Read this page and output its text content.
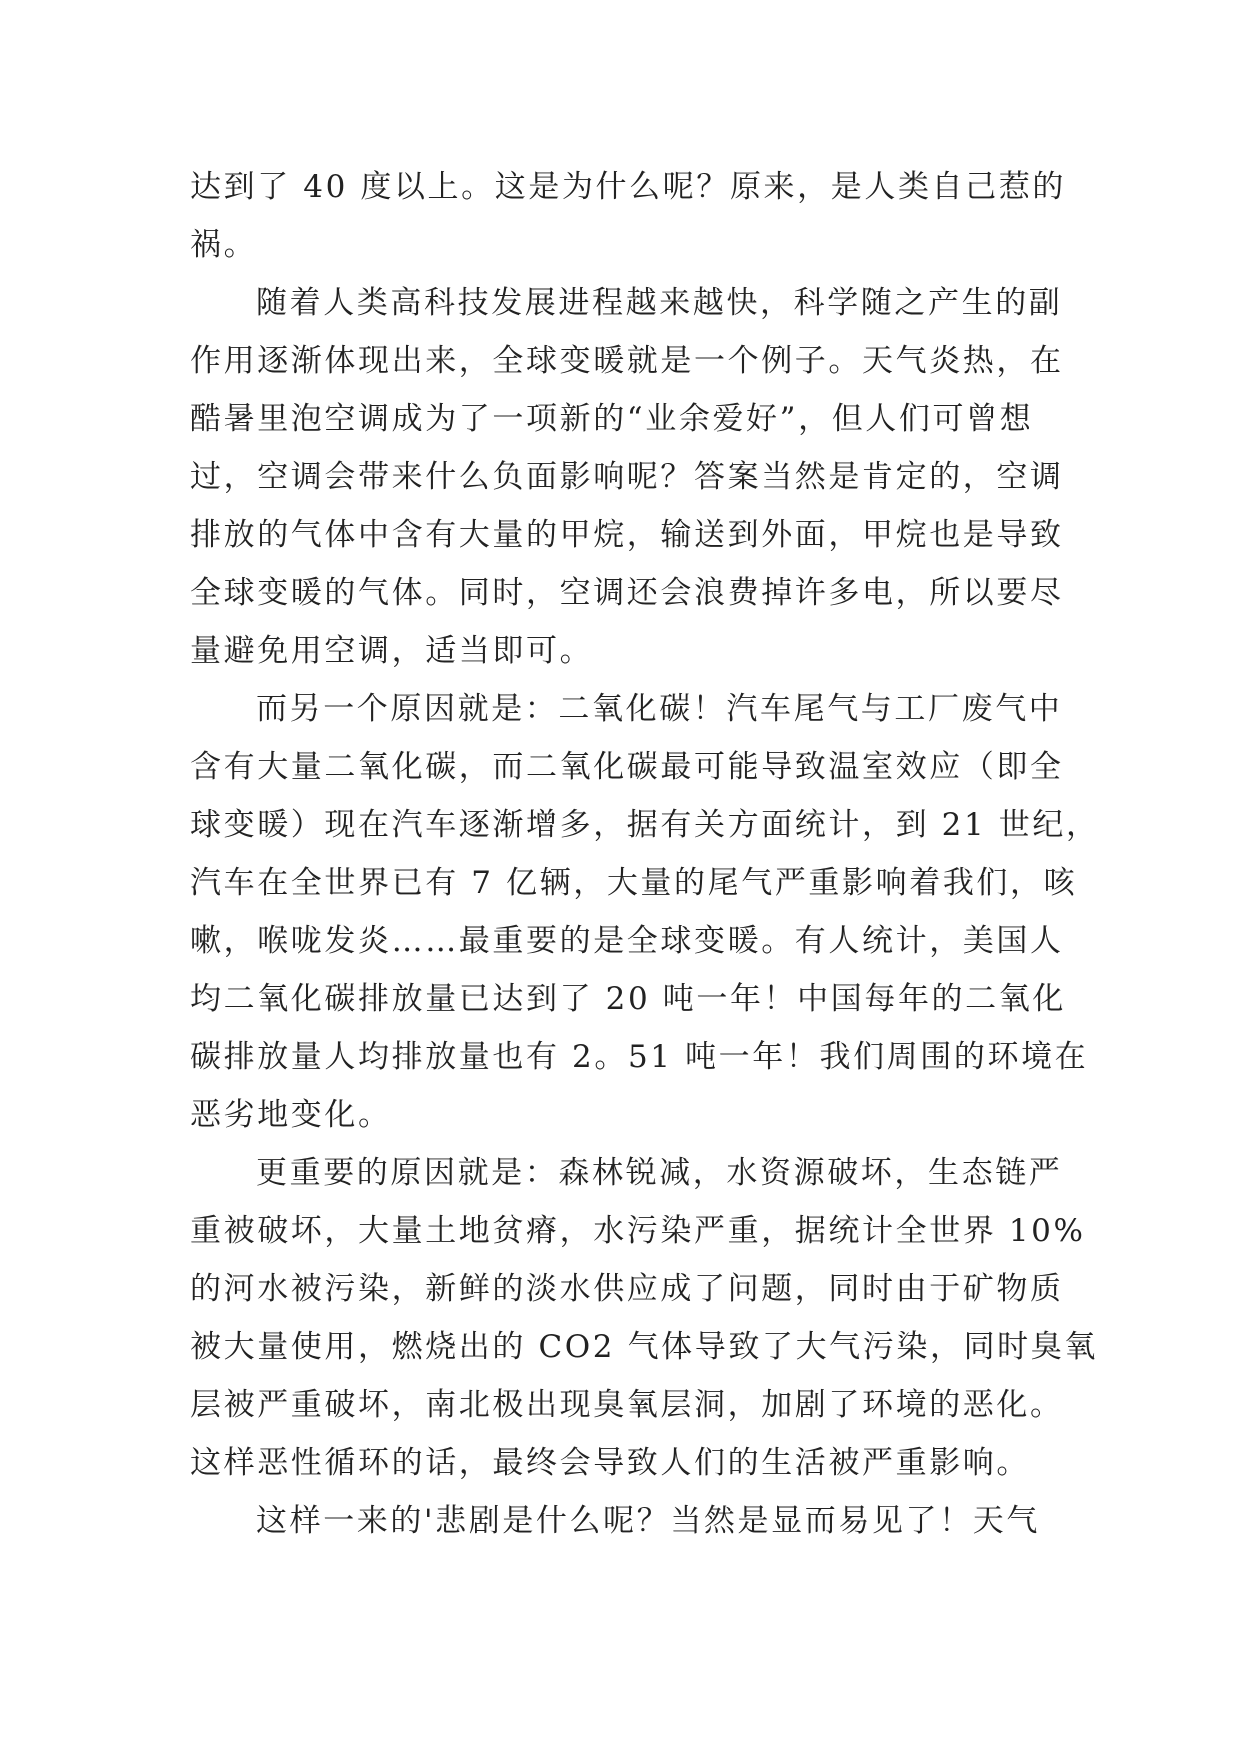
达到了 40 度以上。这是为什么呢？原来，是人类自己惹的
祸。
随着人类高科技发展进程越来越快，科学随之产生的副
作用逐渐体现出来，全球变暖就是一个例子。天气炎热，在
酷暑里泡空调成为了一项新的“业余爱好”，但人们可曾想
过，空调会带来什么负面影响呢？答案当然是肯定的，空调
排放的气体中含有大量的甲烷，输送到外面，甲烷也是导致
全球变暖的气体。同时，空调还会浪费掉许多电，所以要尽
量避免用空调，适当即可。
而另一个原因就是：二氧化碳！汽车尾气与工厂废气中
含有大量二氧化碳，而二氧化碳最可能导致温室效应（即全
球变暖）现在汽车逐渐增多，据有关方面统计，到 21 世纪，
汽车在全世界已有 7 亿辆，大量的尾气严重影响着我们，咳
嗽，喉咙发炎……最重要的是全球变暖。有人统计，美国人
均二氧化碳排放量已达到了 20 吨一年！中国每年的二氧化
碳排放量人均排放量也有 2。51 吨一年！我们周围的环境在
恶劣地变化。
更重要的原因就是：森林锐减，水资源破坏，生态链严
重被破坏，大量土地贫瘠，水污染严重，据统计全世界 10%
的河水被污染，新鲜的淡水供应成了问题，同时由于矿物质
被大量使用，燃烧出的 CO2 气体导致了大气污染，同时臭氧
层被严重破坏，南北极出现臭氧层洞，加剧了环境的恶化。
这样恶性循环的话，最终会导致人们的生活被严重影响。
这样一来的'悲剧是什么呢？当然是显而易见了！天气
